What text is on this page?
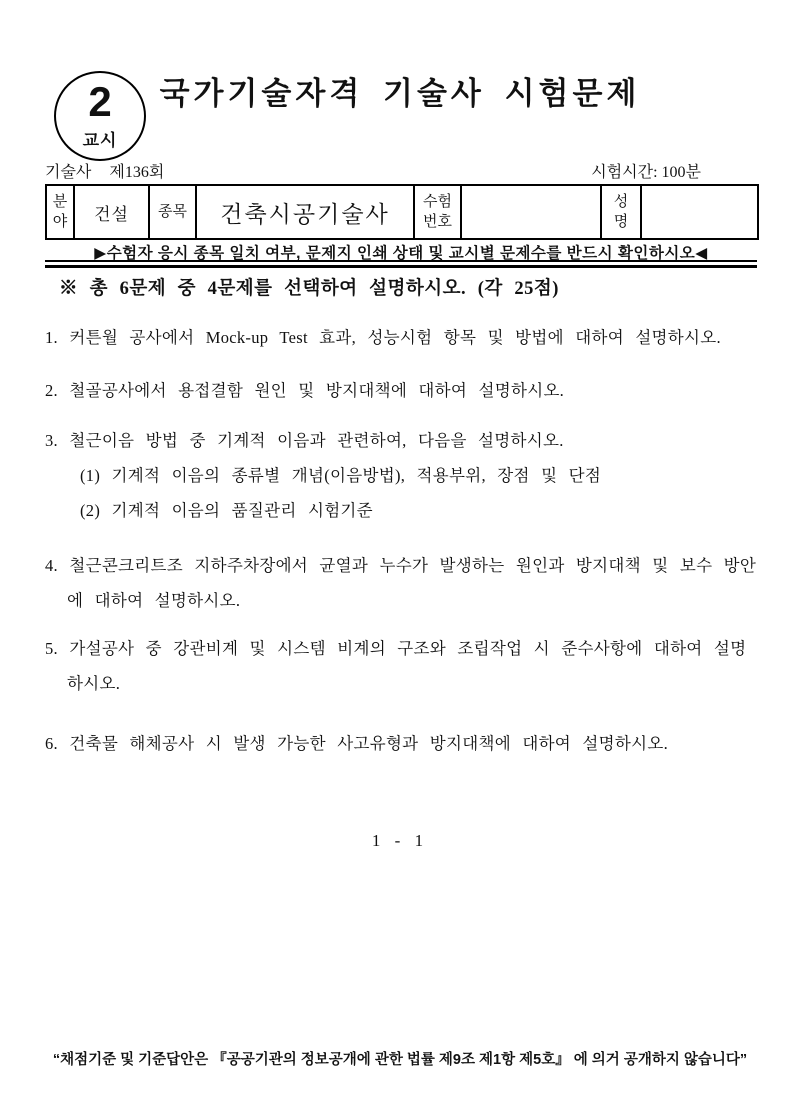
2
교시
국가기술자격 기술사 시험문제
기술사 제136회	시험시간: 100분
분야	건설	종목	건축시공기술사	수험번호		성명	
▶수험자 응시 종목 일치 여부, 문제지 인쇄 상태 및 교시별 문제수를 반드시 확인하시오◀
※ 총 6문제 중 4문제를 선택하여 설명하시오. (각 25점)
1. 커튼월 공사에서 Mock-up Test 효과, 성능시험 항목 및 방법에 대하여 설명하시오.
2. 철골공사에서 용접결함 원인 및 방지대책에 대하여 설명하시오.
3. 철근이음 방법 중 기계적 이음과 관련하여, 다음을 설명하시오.
(1) 기계적 이음의 종류별 개념(이음방법), 적용부위, 장점 및 단점
(2) 기계적 이음의 품질관리 시험기준
4. 철근콘크리트조 지하주차장에서 균열과 누수가 발생하는 원인과 방지대책 및 보수 방안에 대하여 설명하시오.
5. 가설공사 중 강관비계 및 시스템 비계의 구조와 조립작업 시 준수사항에 대하여 설명하시오.
6. 건축물 해체공사 시 발생 가능한 사고유형과 방지대책에 대하여 설명하시오.
1 - 1
“채점기준 및 기준답안은 『공공기관의 정보공개에 관한 법률 제9조 제1항 제5호』 에 의거 공개하지 않습니다”
